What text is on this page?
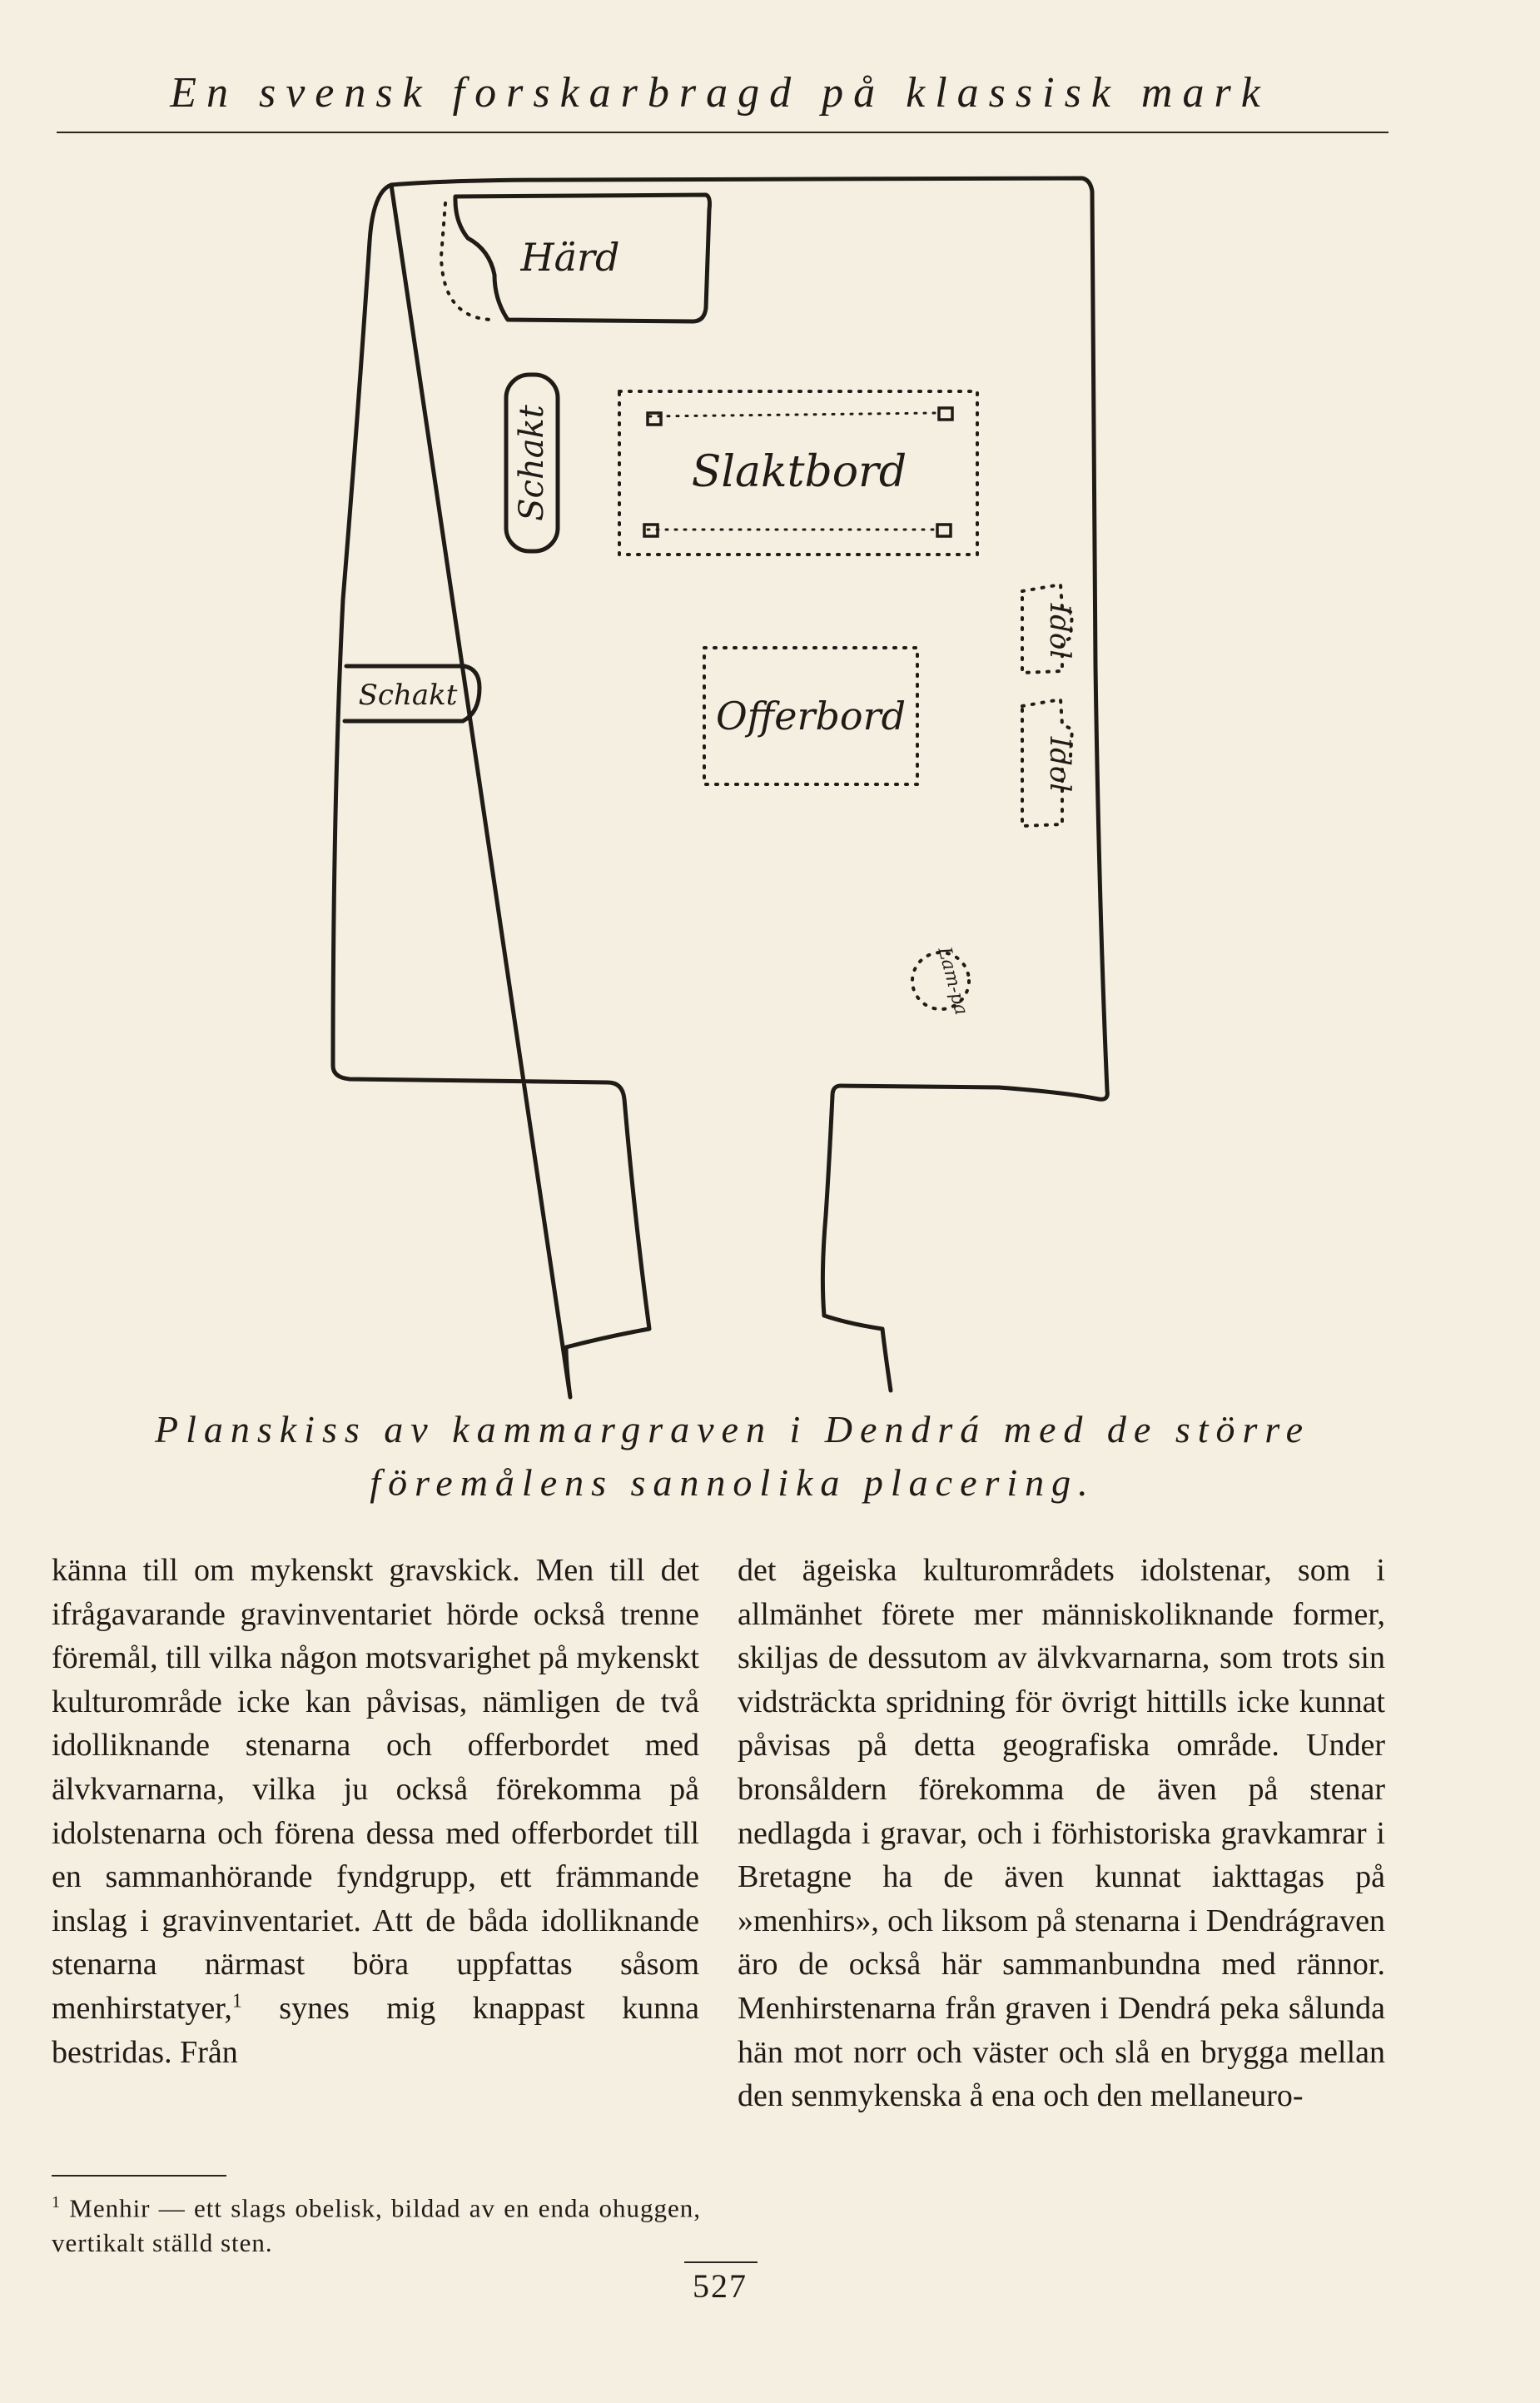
En svensk forskarbragd på klassisk mark
Härd
Schakt	Slaktbord
Schakt	Offerbord
Idol
Idol
Lam-pa
Planskiss av kammargraven i Dendrá med de större
föremålens sannolika placering.

känna till om mykenskt gravskick. Men till det ifrågavarande gravinventariet hörde också trenne föremål, till vilka någon motsvarighet på mykenskt kulturområde icke kan påvisas, nämligen de två idolliknande stenarna och offerbordet med älvkvarnarna, vilka ju också förekomma på idolstenarna och förena dessa med offerbordet till en sammanhörande fyndgrupp, ett främmande inslag i gravinventariet. Att de båda idolliknande stenarna närmast böra uppfattas såsom menhirstatyer,$^1$ synes mig knappast kunna bestridas. Från

det ägeiska kulturområdets idolstenar, som i allmänhet förete mer människoliknande former, skiljas de dessutom av älvkvarnarna, som trots sin vidsträckta spridning för övrigt hittills icke kunnat påvisas på detta geografiska område. Under bronsåldern förekomma de även på stenar nedlagda i gravar, och i förhistoriska gravkamrar i Bretagne ha de även kunnat iakttagas på »menhirs», och liksom på stenarna i Dendrágraven äro de också här sammanbundna med rännor. Menhirstenarna från graven i Dendrá peka sålunda hän mot norr och väster och slå en brygga mellan den senmykenska å ena och den mellaneuro-

$^1$ Menhir — ett slags obelisk, bildad av en enda ohuggen, vertikalt ställd sten.
527
